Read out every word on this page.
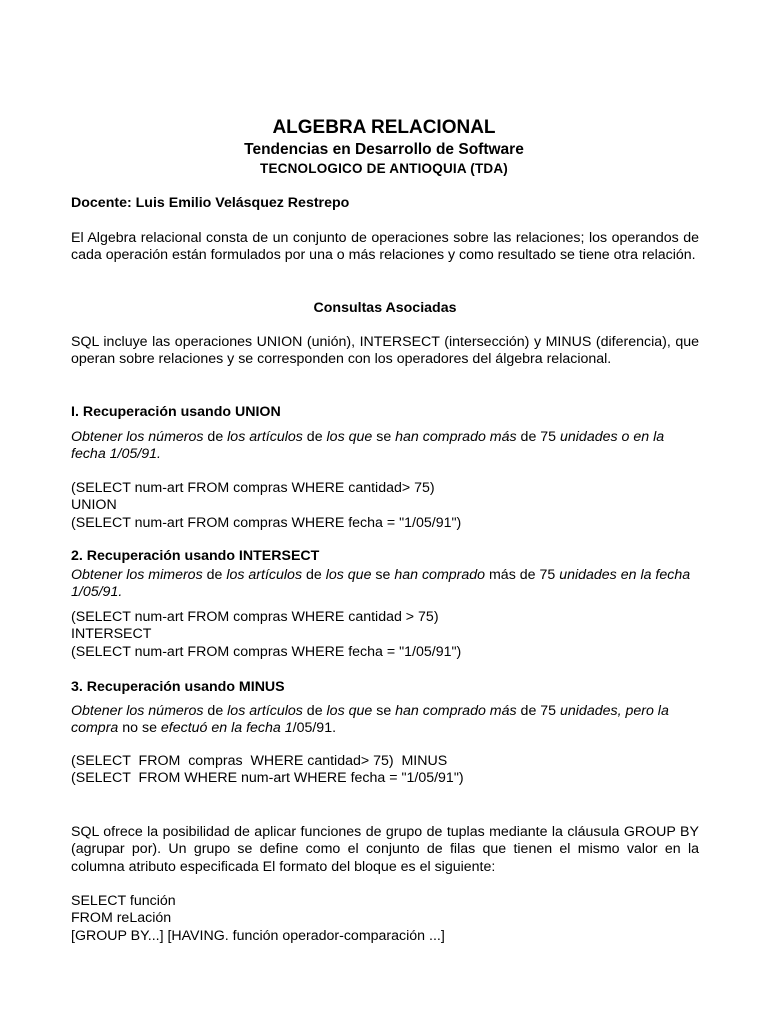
ALGEBRA RELACIONAL
Tendencias en Desarrollo de Software
TECNOLOGICO DE ANTIOQUIA (TDA)
Docente: Luis Emilio Velásquez Restrepo
El Algebra relacional consta de un conjunto de operaciones sobre las relaciones; los operandos de cada operación están formulados por una o más relaciones y como resultado se tiene otra relación.
Consultas Asociadas
SQL incluye las operaciones UNION (unión), INTERSECT (intersección) y MINUS (diferencia), que operan sobre relaciones y se corresponden con los operadores del álgebra relacional.
I. Recuperación usando UNION
Obtener los números de los artículos de los que se han comprado más de 75 unidades o en la fecha 1/05/91.
(SELECT num-art FROM compras WHERE cantidad> 75)
UNION
(SELECT num-art FROM compras WHERE fecha = "1/05/91")
2. Recuperación usando INTERSECT
Obtener los mimeros de los artículos de los que se han comprado más de 75 unidades en la fecha 1/05/91.
(SELECT num-art FROM compras WHERE cantidad > 75)
INTERSECT
(SELECT num-art FROM compras WHERE fecha = "1/05/91")
3. Recuperación usando MINUS
Obtener los números de los artículos de los que se han comprado más de 75 unidades, pero la compra no se efectuó en la fecha 1/05/91.
(SELECT  FROM  compras  WHERE cantidad> 75)  MINUS
(SELECT  FROM WHERE num-art WHERE fecha = "1/05/91")
SQL ofrece la posibilidad de aplicar funciones de grupo de tuplas mediante la cláusula GROUP BY (agrupar por). Un grupo se define como el conjunto de filas que tienen el mismo valor en la columna atributo especificada El formato del bloque es el siguiente:
SELECT función
FROM reLación
[GROUP BY...] [HAVING. función operador-comparación ...]
